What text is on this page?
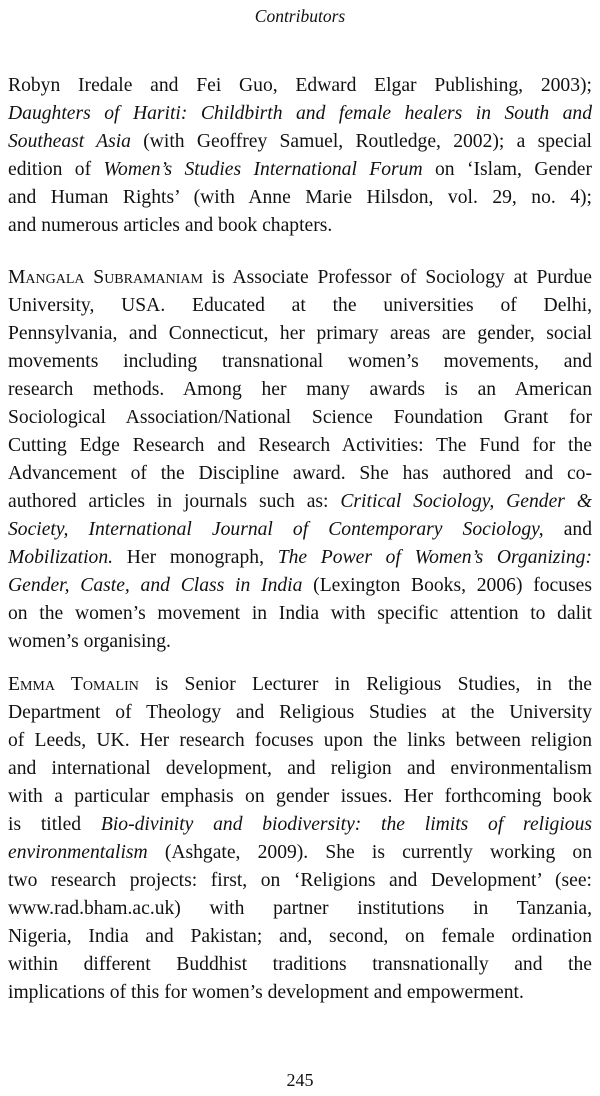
Contributors
Robyn Iredale and Fei Guo, Edward Elgar Publishing, 2003);
Daughters of Hariti: Childbirth and female healers in South and
Southeast Asia (with Geoffrey Samuel, Routledge, 2002); a special
edition of Women’s Studies International Forum on ‘Islam, Gender
and Human Rights’ (with Anne Marie Hilsdon, vol. 29, no. 4);
and numerous articles and book chapters.
Mangala Subramaniam is Associate Professor of Sociology at Purdue
University, USA. Educated at the universities of Delhi,
Pennsylvania, and Connecticut, her primary areas are gender, social
movements including transnational women’s movements, and
research methods. Among her many awards is an American
Sociological Association/National Science Foundation Grant for
Cutting Edge Research and Research Activities: The Fund for the
Advancement of the Discipline award. She has authored and co-
authored articles in journals such as: Critical Sociology, Gender &
Society, International Journal of Contemporary Sociology, and
Mobilization. Her monograph, The Power of Women’s Organizing:
Gender, Caste, and Class in India (Lexington Books, 2006) focuses
on the women’s movement in India with specific attention to dalit
women’s organising.
Emma Tomalin is Senior Lecturer in Religious Studies, in the
Department of Theology and Religious Studies at the University
of Leeds, UK. Her research focuses upon the links between religion
and international development, and religion and environmentalism
with a particular emphasis on gender issues. Her forthcoming book
is titled Bio-divinity and biodiversity: the limits of religious
environmentalism (Ashgate, 2009). She is currently working on
two research projects: first, on ‘Religions and Development’ (see:
www.rad.bham.ac.uk) with partner institutions in Tanzania,
Nigeria, India and Pakistan; and, second, on female ordination
within different Buddhist traditions transnationally and the
implications of this for women’s development and empowerment.
245
